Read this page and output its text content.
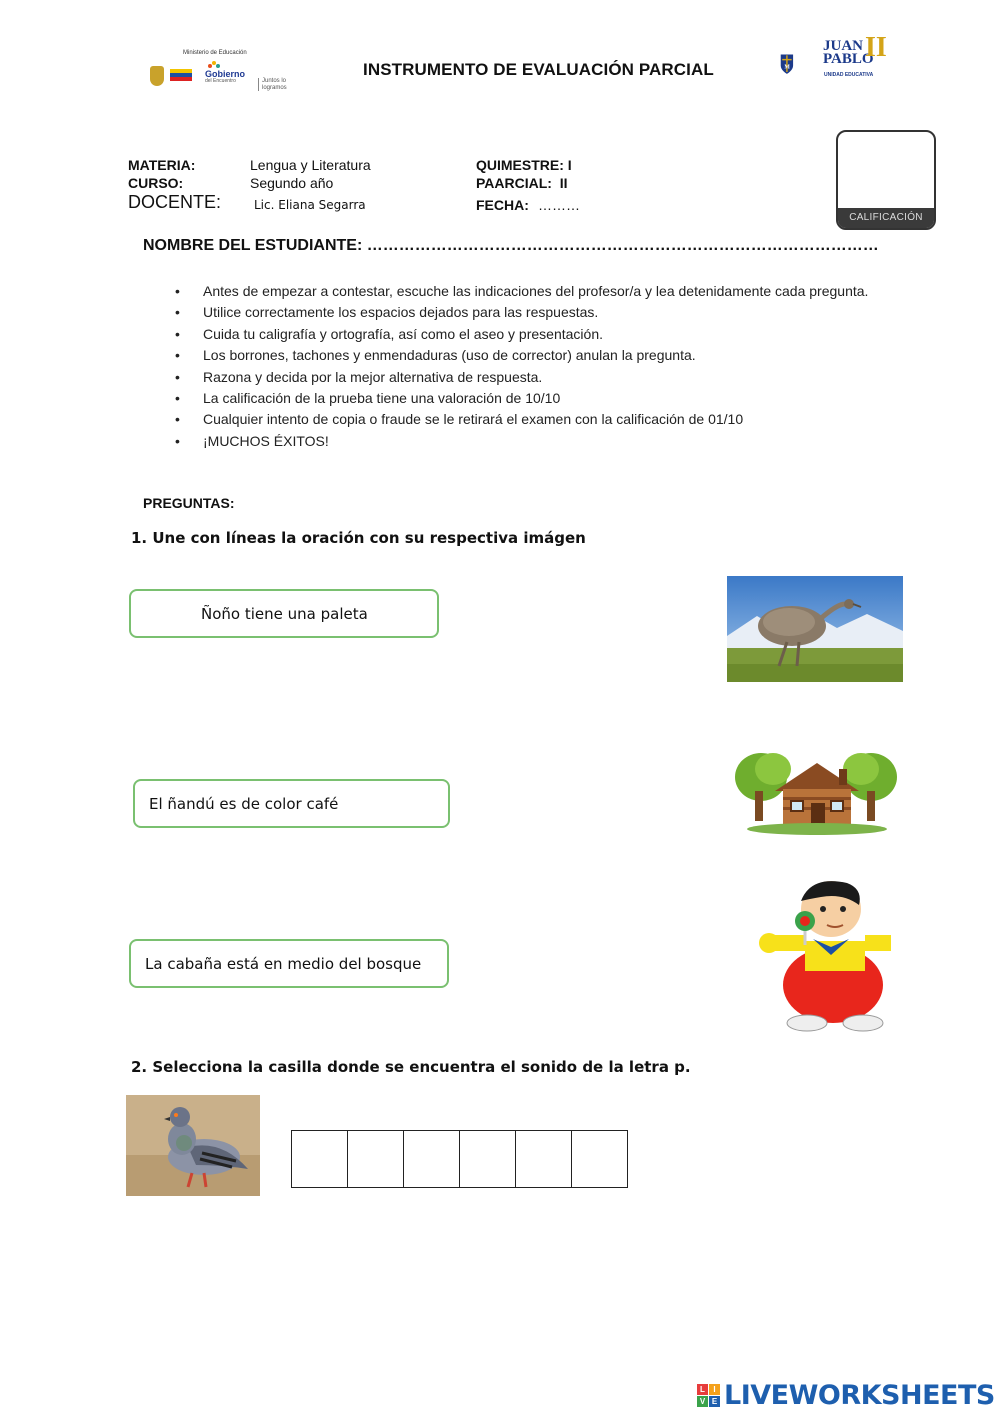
Ministerio de Educación

Gobierno
del Encuentro	Juntos lo logramos
INSTRUMENTO DE EVALUACIÓN PARCIAL	M
JUAN
PABLO
II
UNIDAD EDUCATIVA
MATERIA:	Lengua y Literatura
CURSO:	Segundo año
DOCENTE:	Lic. Eliana Segarra
QUIMESTRE: I
PAARCIAL:  II
FECHA: ………
CALIFICACIÓN
NOMBRE DEL ESTUDIANTE: ……………………………………………………………………………………
• Antes de empezar a contestar, escuche las indicaciones del profesor/a y lea detenidamente cada pregunta.
• Utilice correctamente los espacios dejados para las respuestas.
• Cuida tu caligrafía y ortografía, así como el aseo y presentación.
• Los borrones, tachones y enmendaduras (uso de corrector) anulan la pregunta.
• Razona y decida por la mejor alternativa de respuesta.
• La calificación de la prueba tiene una valoración de 10/10
• Cualquier intento de copia o fraude se le retirará el examen con la calificación de 01/10
• ¡MUCHOS ÉXITOS!
PREGUNTAS:
1. Une con líneas la oración con su respectiva imágen
Ñoño tiene una paleta
El ñandú es de color café
La cabaña está en medio del bosque
2. Selecciona la casilla donde se encuentra el sonido de la letra p.
L	I
V E LIVEWORKSHEETS
